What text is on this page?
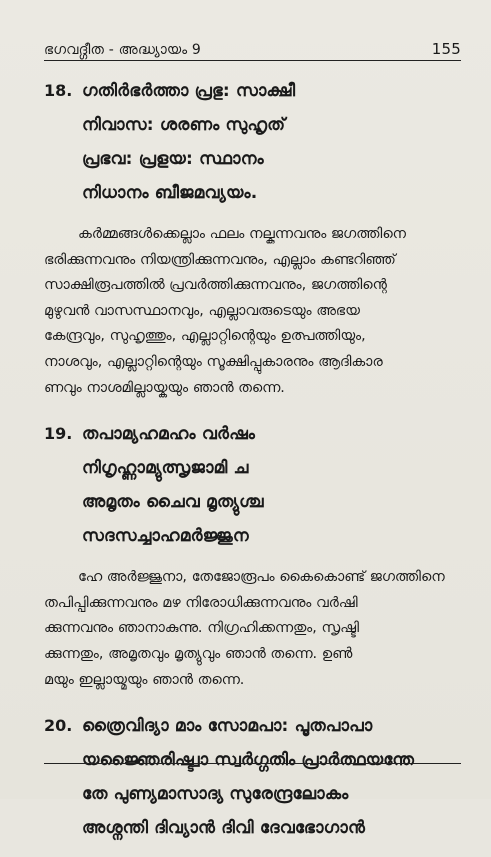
ഭഗവദ്ഗീത - അദ്ധ്യായം 9	155
18. ഗതിർഭർത്താ പ്രഭു: സാക്ഷീ
നിവാസ: ശരണം സുഹൃത്
പ്രഭവ: പ്രളയ: സ്ഥാനം
നിധാനം ബീജമവ്യയം.
കർമ്മങ്ങൾക്കെല്ലാം ഫലം നല്കുന്നവനും ജഗത്തിനെ
ഭരിക്കുന്നവനും നിയന്ത്രിക്കുന്നവനും, എല്ലാം കണ്ടറിഞ്ഞ്
സാക്ഷിരൂപത്തിൽ പ്രവർത്തിക്കുന്നവനും, ജഗത്തിന്റെ
മുഴുവൻ വാസസ്ഥാനവും, എല്ലാവരുടെയും അഭയ
കേന്ദ്രവും, സുഹൃത്തും, എല്ലാറ്റിന്റെയും ഉത്പത്തിയും,
നാശവും, എല്ലാറ്റിന്റെയും സൂക്ഷിപ്പുകാരനും ആദികാര
ണവും നാശമില്ലായ്കയും ഞാൻ തന്നെ.
19. തപാമ്യഹമഹം വർഷം
നിഗൃഹ്ണാമ്യുത്സൃജാമി ച
അമൃതം ചൈവ മൃത്യുശ്ച
സദസച്ചാഹമർജ്ജുന
ഹേ അർജ്ജുനാ, തേജോരൂപം കൈകൊണ്ട് ജഗത്തിനെ
തപിപ്പിക്കുന്നവനും മഴ നിരോധിക്കുന്നവനും വർഷി
ക്കുന്നവനും ഞാനാകുന്നു. നിഗ്രഹിക്കന്നതും, സൃഷ്ടി
ക്കുന്നതും, അമൃതവും മൃത്യുവും ഞാൻ തന്നെ. ഉൺ
മയും ഇല്ലായ്മയും ഞാൻ തന്നെ.
20. ത്രൈവിദ്യാ മാം സോമപാ: പൂതപാപാ
യജ്ഞൈരിഷ്ട്വാ സ്വർഗ്ഗതിം പ്രാർത്ഥയന്തേ
തേ പുണ്യമാസാദ്യ സുരേന്ദ്രലോകം
അശ്നന്തി ദിവ്യാൻ ദിവി ദേവഭോഗാൻ
